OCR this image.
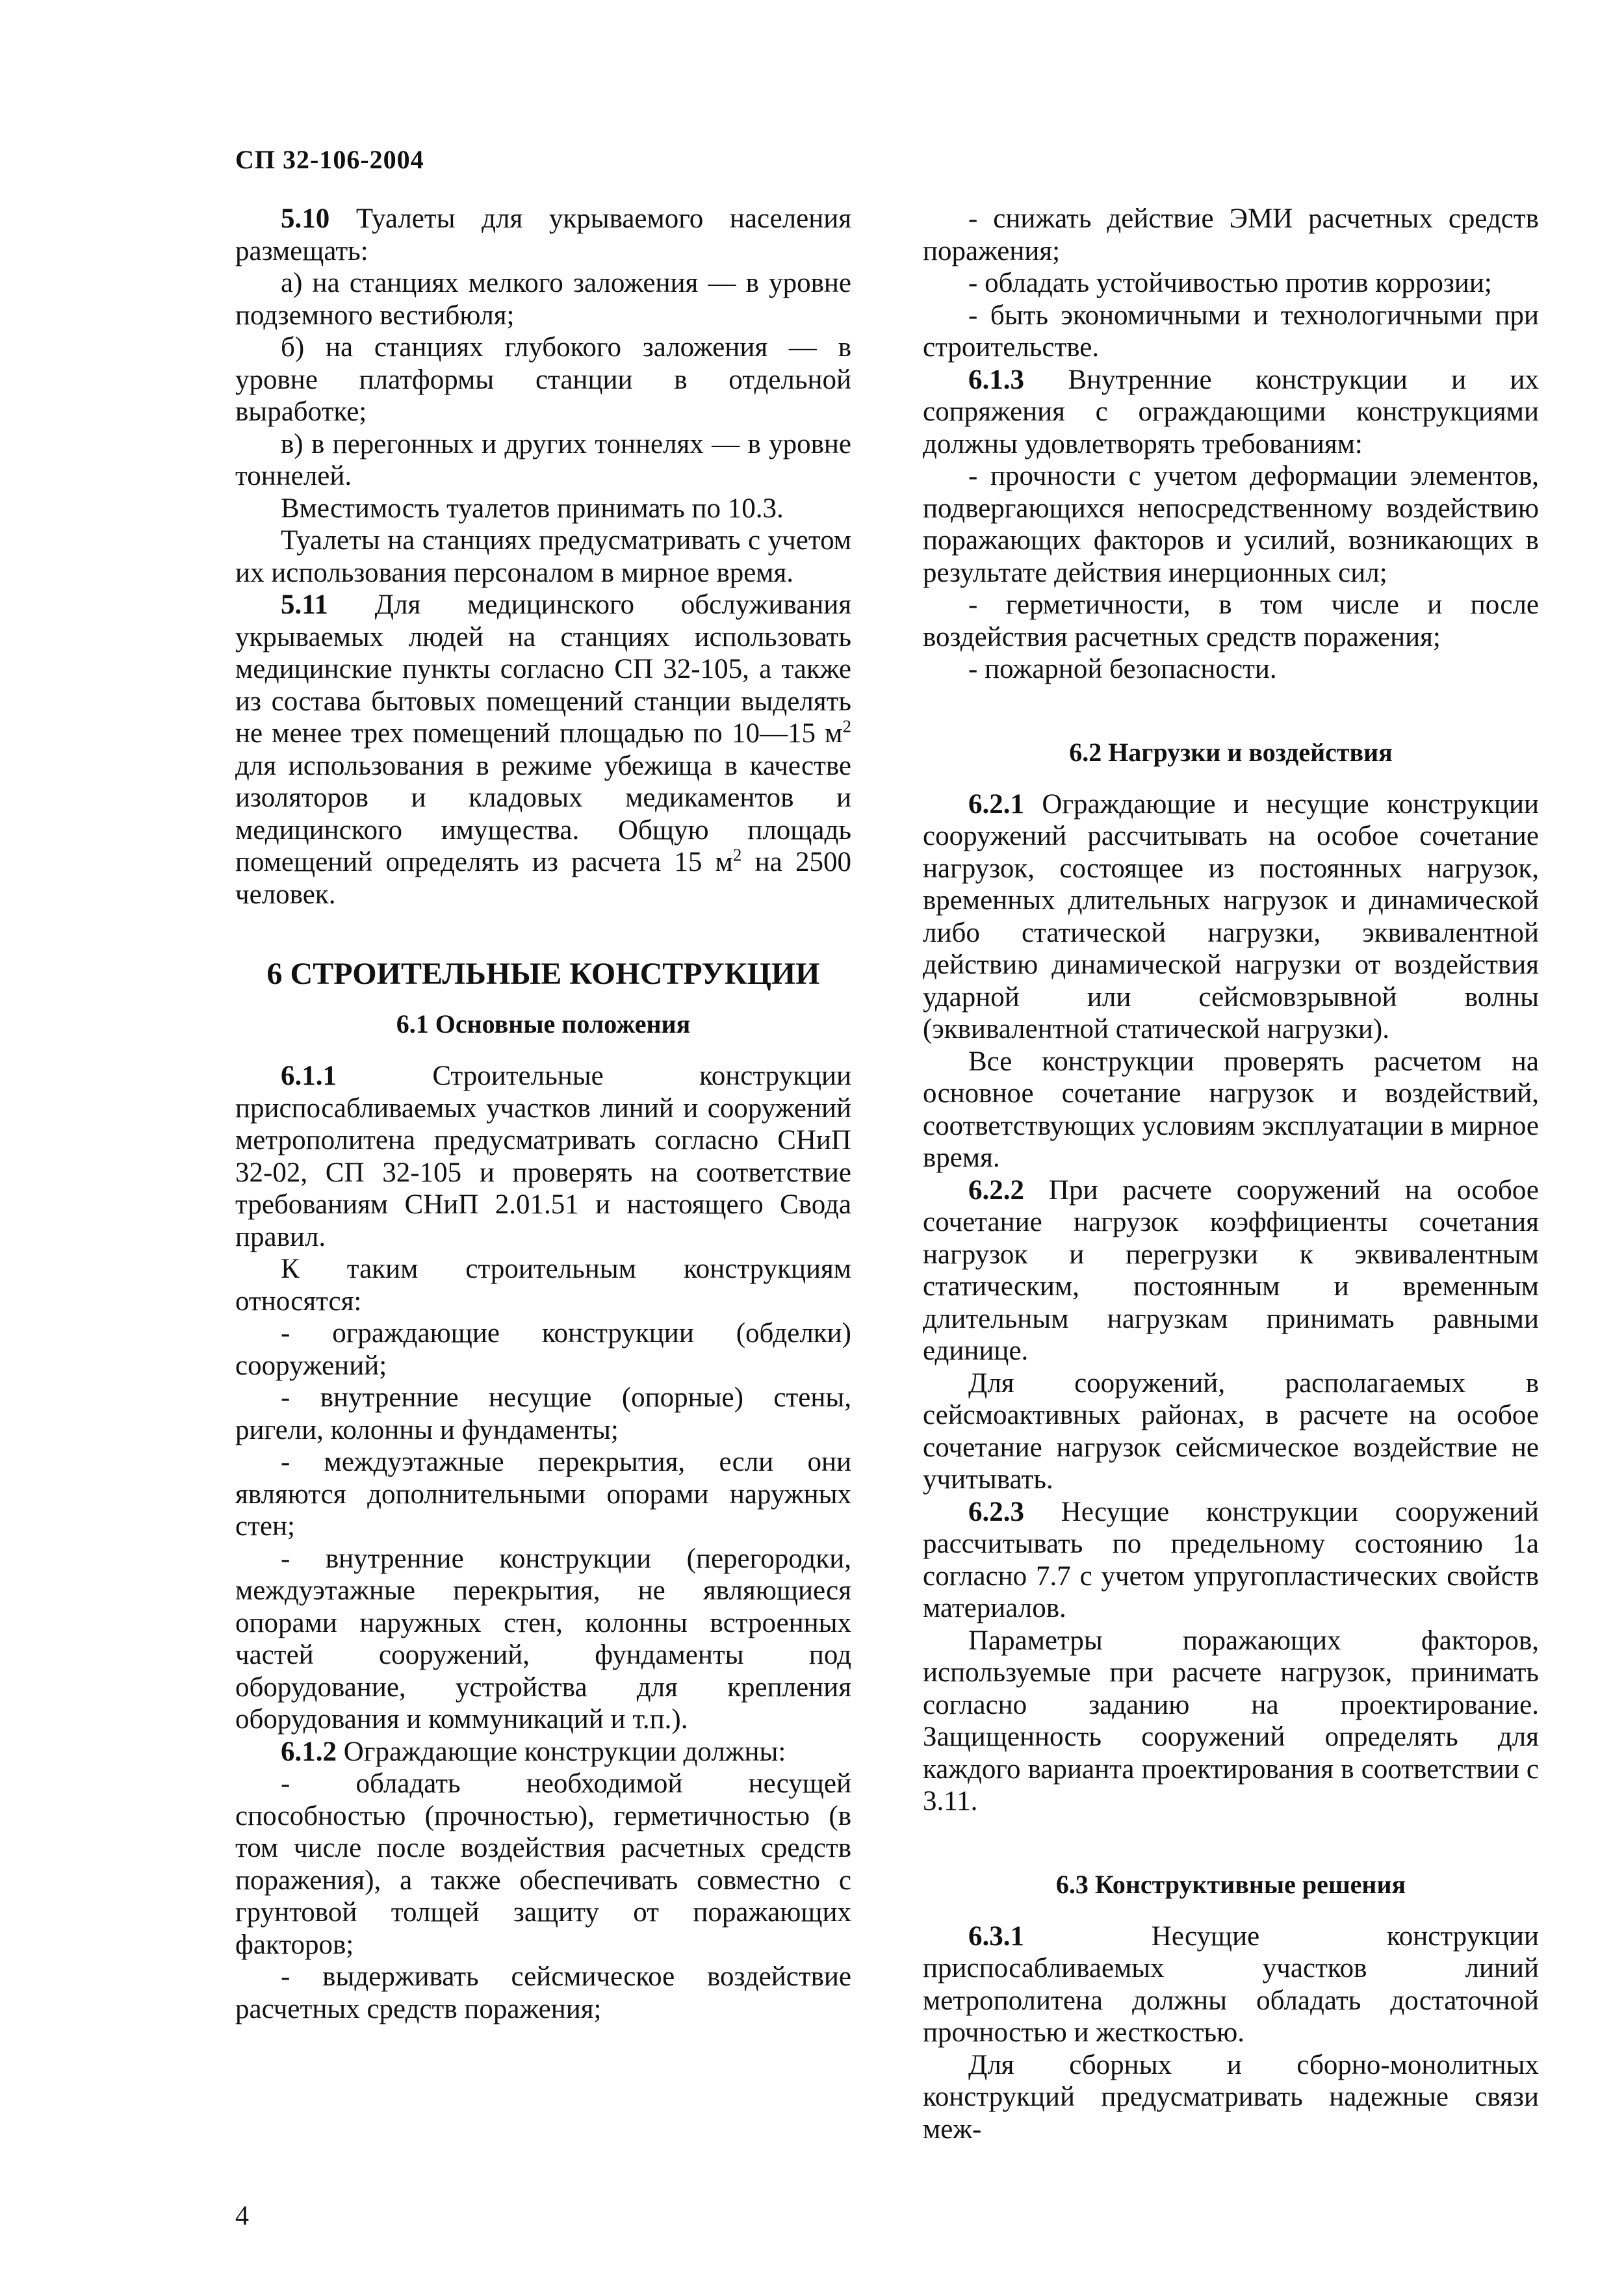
СП 32-106-2004

5.10 Туалеты для укрываемого населения размещать:

а) на станциях мелкого заложения — в уровне подземного вестибюля;

б) на станциях глубокого заложения — в уровне платформы станции в отдельной выработке;

в) в перегонных и других тоннелях — в уровне тоннелей.

Вместимость туалетов принимать по 10.3.

Туалеты на станциях предусматривать с учетом их использования персоналом в мирное время.

5.11 Для медицинского обслуживания укрываемых людей на станциях использовать медицинские пункты согласно СП 32-105, а также из состава бытовых помещений станции выделять не менее трех помещений площадью по 10—15 $м^2$ для использования в режиме убежища в качестве изоляторов и кладовых медикаментов и медицинского имущества. Общую площадь помещений определять из расчета 15 $м^2$ на 2500 человек.

6 СТРОИТЕЛЬНЫЕ КОНСТРУКЦИИ
6.1 Основные положения

6.1.1 Строительные конструкции приспосабливаемых участков линий и сооружений метрополитена предусматривать согласно СНиП 32-02, СП 32-105 и проверять на соответствие требованиям СНиП 2.01.51 и настоящего Свода правил.

К таким строительным конструкциям относятся:

- ограждающие конструкции (обделки) сооружений;

- внутренние несущие (опорные) стены, ригели, колонны и фундаменты;

- междуэтажные перекрытия, если они являются дополнительными опорами наружных стен;

- внутренние конструкции (перегородки, междуэтажные перекрытия, не являющиеся опорами наружных стен, колонны встроенных частей сооружений, фундаменты под оборудование, устройства для крепления оборудования и коммуникаций и т.п.).

6.1.2 Ограждающие конструкции должны:

- обладать необходимой несущей способностью (прочностью), герметичностью (в том числе после воздействия расчетных средств поражения), а также обеспечивать совместно с грунтовой толщей защиту от поражающих факторов;

- выдерживать сейсмическое воздействие расчетных средств поражения;

- снижать действие ЭМИ расчетных средств поражения;

- обладать устойчивостью против коррозии;

- быть экономичными и технологичными при строительстве.

6.1.3 Внутренние конструкции и их сопряжения с ограждающими конструкциями должны удовлетворять требованиям:

- прочности с учетом деформации элементов, подвергающихся непосредственному воздействию поражающих факторов и усилий, возникающих в результате действия инерционных сил;

- герметичности, в том числе и после воздействия расчетных средств поражения;

- пожарной безопасности.

6.2 Нагрузки и воздействия

6.2.1 Ограждающие и несущие конструкции сооружений рассчитывать на особое сочетание нагрузок, состоящее из постоянных нагрузок, временных длительных нагрузок и динамической либо статической нагрузки, эквивалентной действию динамической нагрузки от воздействия ударной или сейсмовзрывной волны (эквивалентной статической нагрузки).

Все конструкции проверять расчетом на основное сочетание нагрузок и воздействий, соответствующих условиям эксплуатации в мирное время.

6.2.2 При расчете сооружений на особое сочетание нагрузок коэффициенты сочетания нагрузок и перегрузки к эквивалентным статическим, постоянным и временным длительным нагрузкам принимать равными единице.

Для сооружений, располагаемых в сейсмоактивных районах, в расчете на особое сочетание нагрузок сейсмическое воздействие не учитывать.

6.2.3 Несущие конструкции сооружений рассчитывать по предельному состоянию 1а согласно 7.7 с учетом упругопластических свойств материалов.

Параметры поражающих факторов, используемые при расчете нагрузок, принимать согласно заданию на проектирование. Защищенность сооружений определять для каждого варианта проектирования в соответствии с 3.11.

6.3 Конструктивные решения

6.3.1 Несущие конструкции приспосабливаемых участков линий метрополитена должны обладать достаточной прочностью и жесткостью.

Для сборных и сборно-монолитных конструкций предусматривать надежные связи меж-

4
